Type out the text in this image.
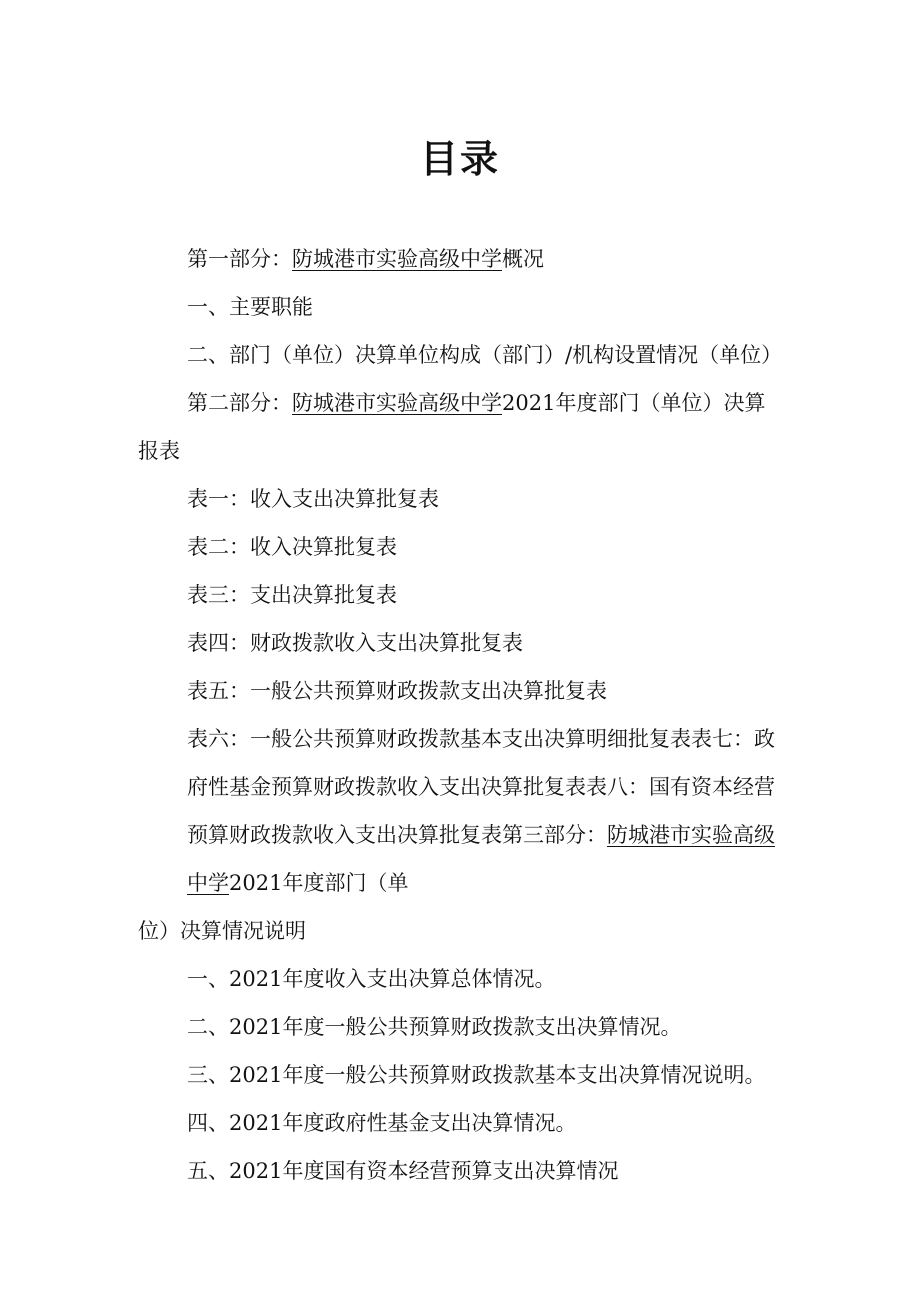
目录
第一部分：防城港市实验高级中学概况
一、主要职能
二、部门（单位）决算单位构成（部门）/机构设置情况（单位）
第二部分：防城港市实验高级中学2021年度部门（单位）决算
报表
表一：收入支出决算批复表
表二：收入决算批复表
表三：支出决算批复表
表四：财政拨款收入支出决算批复表
表五：一般公共预算财政拨款支出决算批复表
表六：一般公共预算财政拨款基本支出决算明细批复表表七：政
府性基金预算财政拨款收入支出决算批复表表八：国有资本经营
预算财政拨款收入支出决算批复表第三部分：防城港市实验高级
中学2021年度部门（单
位）决算情况说明
一、2021年度收入支出决算总体情况。
二、2021年度一般公共预算财政拨款支出决算情况。
三、2021年度一般公共预算财政拨款基本支出决算情况说明。
四、2021年度政府性基金支出决算情况。
五、2021年度国有资本经营预算支出决算情况
